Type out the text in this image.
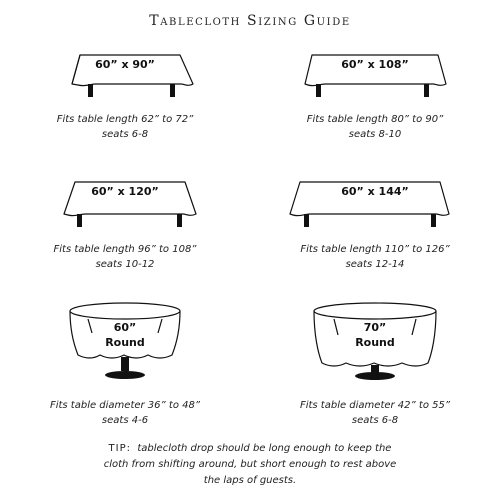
Tablecloth Sizing Guide
60” x 90”
Fits table length 62” to 72”
seats 6-8
60” x 108”
Fits table length 80” to 90”
seats 8-10
60” x 120”
Fits table length 96” to 108”
seats 10-12
60” x 144”
Fits table length 110” to 126”
seats 12-14
60”
Round
Fits table diameter 36” to 48”
seats 4-6
70”
Round
Fits table diameter 42” to 55”
seats 6-8
TIP: tablecloth drop should be long enough to keep the
cloth from shifting around, but short enough to rest above
the laps of guests.
